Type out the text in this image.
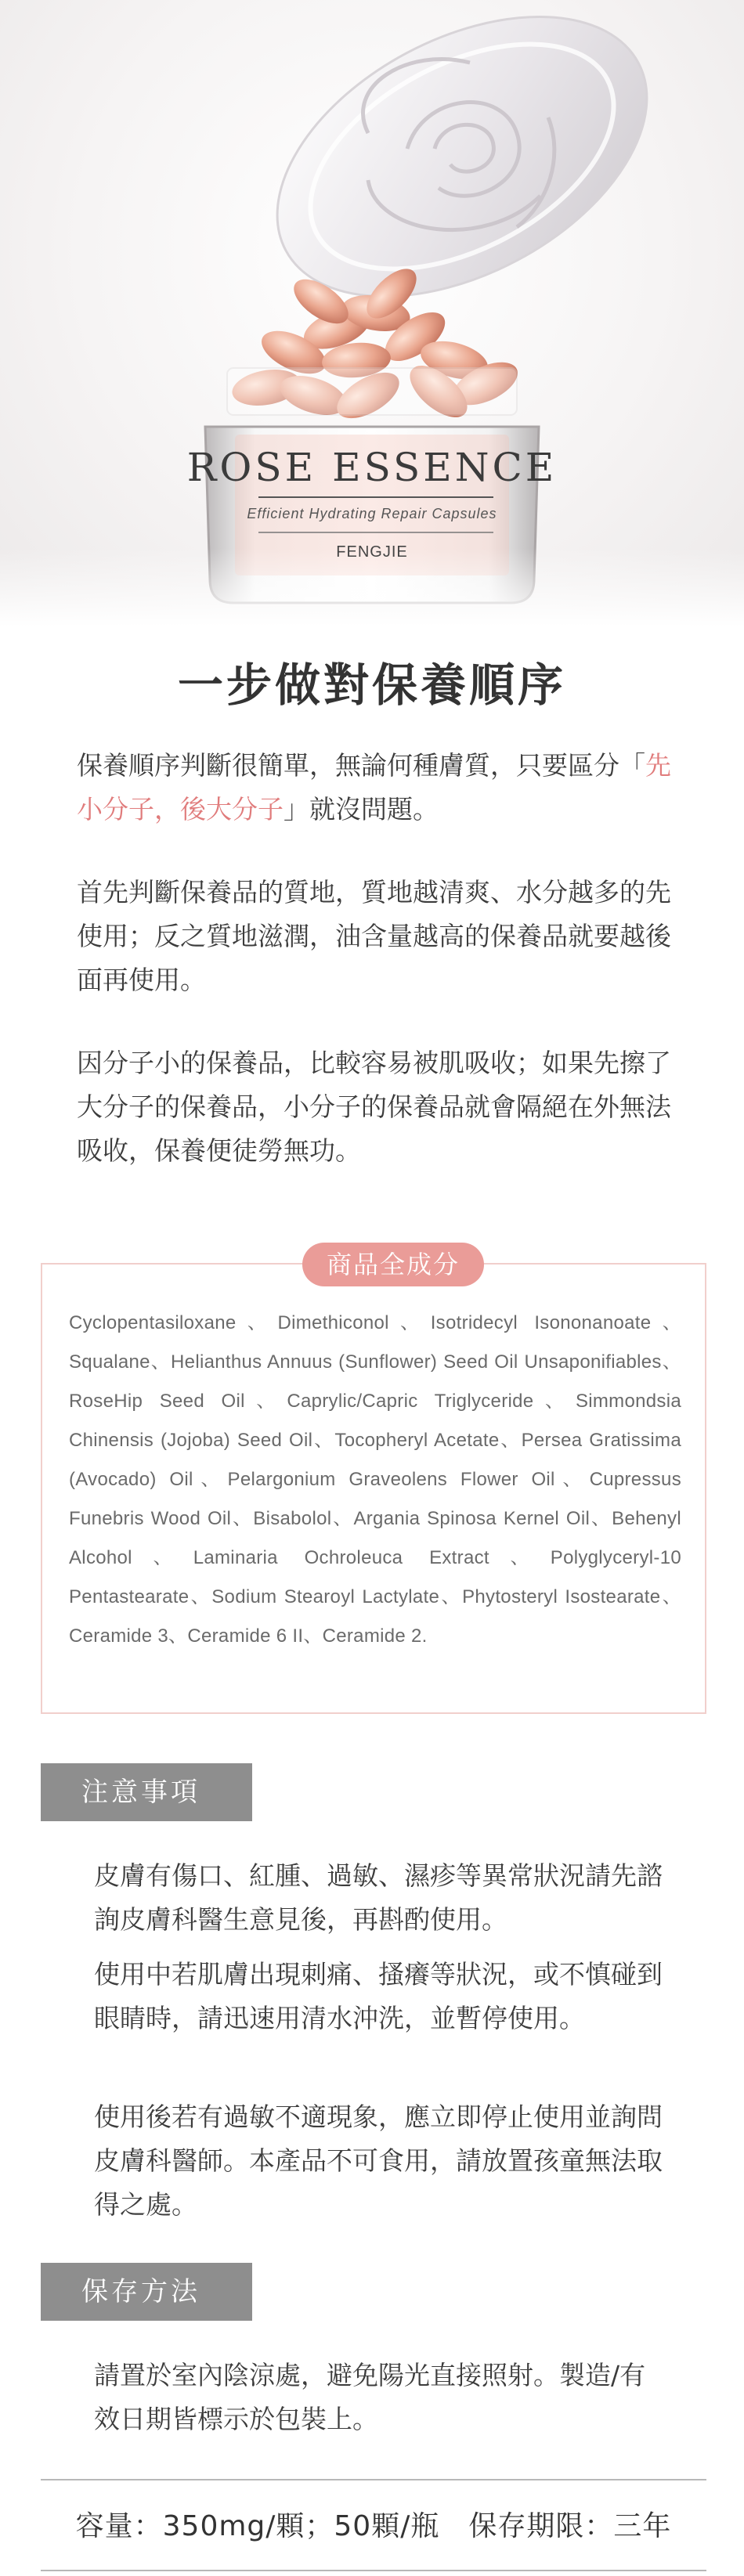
ROSE ESSENCE
Efficient Hydrating Repair Capsules
FENGJIE
一步做對保養順序

保養順序判斷很簡單，無論何種膚質，只要區分「先小分子，後大分子」就沒問題。

首先判斷保養品的質地，質地越清爽、水分越多的先使用；反之質地滋潤，油含量越高的保養品就要越後面再使用。

因分子小的保養品，比較容易被肌吸收；如果先擦了大分子的保養品，小分子的保養品就會隔絕在外無法吸收，保養便徒勞無功。

商品全成分

Cyclopentasiloxane、Dimethiconol、Isotridecyl Isononanoate、Squalane、Helianthus Annuus (Sunflower) Seed Oil Unsaponifiables、RoseHip Seed Oil、Caprylic/Capric Triglyceride、Simmondsia Chinensis (Jojoba) Seed Oil、Tocopheryl Acetate、Persea Gratissima (Avocado) Oil、Pelargonium Graveolens Flower Oil、Cupressus Funebris Wood Oil、Bisabolol、Argania Spinosa Kernel Oil、Behenyl Alcohol、Laminaria Ochroleuca Extract、Polyglyceryl-10 Pentastearate、Sodium Stearoyl Lactylate、Phytosteryl Isostearate、Ceramide 3、Ceramide 6 II、Ceramide 2.

注意事項

皮膚有傷口、紅腫、過敏、濕疹等異常狀況請先諮詢皮膚科醫生意見後，再斟酌使用。

使用中若肌膚出現刺痛、搔癢等狀況，或不慎碰到眼睛時，請迅速用清水沖洗，並暫停使用。

使用後若有過敏不適現象，應立即停止使用並詢問皮膚科醫師。本產品不可食用，請放置孩童無法取得之處。

保存方法

請置於室內陰涼處，避免陽光直接照射。製造/有效日期皆標示於包裝上。

容量：350mg/顆；50顆/瓶　保存期限：三年
